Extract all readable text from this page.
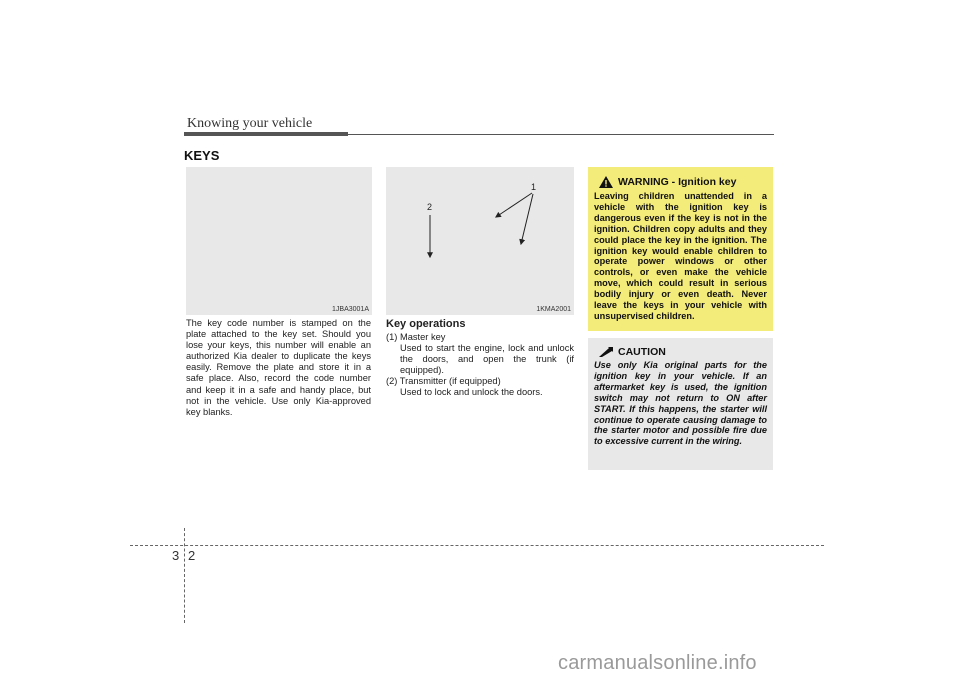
Knowing your vehicle
KEYS
1JBA3001A
1
2
1KMA2001
The key code number is stamped on the plate attached to the key set. Should you lose your keys, this number will enable an authorized Kia dealer to duplicate the keys easily. Remove the plate and store it in a safe place. Also, record the code number and keep it in a safe and handy place, but not in the vehicle. Use only Kia-approved key blanks.
Key operations
(1) Master key
Used to start the engine, lock and unlock the doors, and open the trunk (if equipped).
(2) Transmitter (if equipped)
Used to lock and unlock the doors.
WARNING - Ignition key
Leaving children unattended in a vehicle with the ignition key is dangerous even if the key is not in the ignition. Children copy adults and they could place the key in the ignition. The ignition key would enable children to operate power windows or other controls, or even make the vehicle move, which could result in serious bodily injury or even death. Never leave the keys in your vehicle with unsupervised children.
CAUTION
Use only Kia original parts for the ignition key in your vehicle. If an aftermarket key is used, the ignition switch may not return to ON after START. If this happens, the starter will continue to operate causing damage to the starter motor and possible fire due to excessive current in the wiring.
3 2
carmanualsonline.info
